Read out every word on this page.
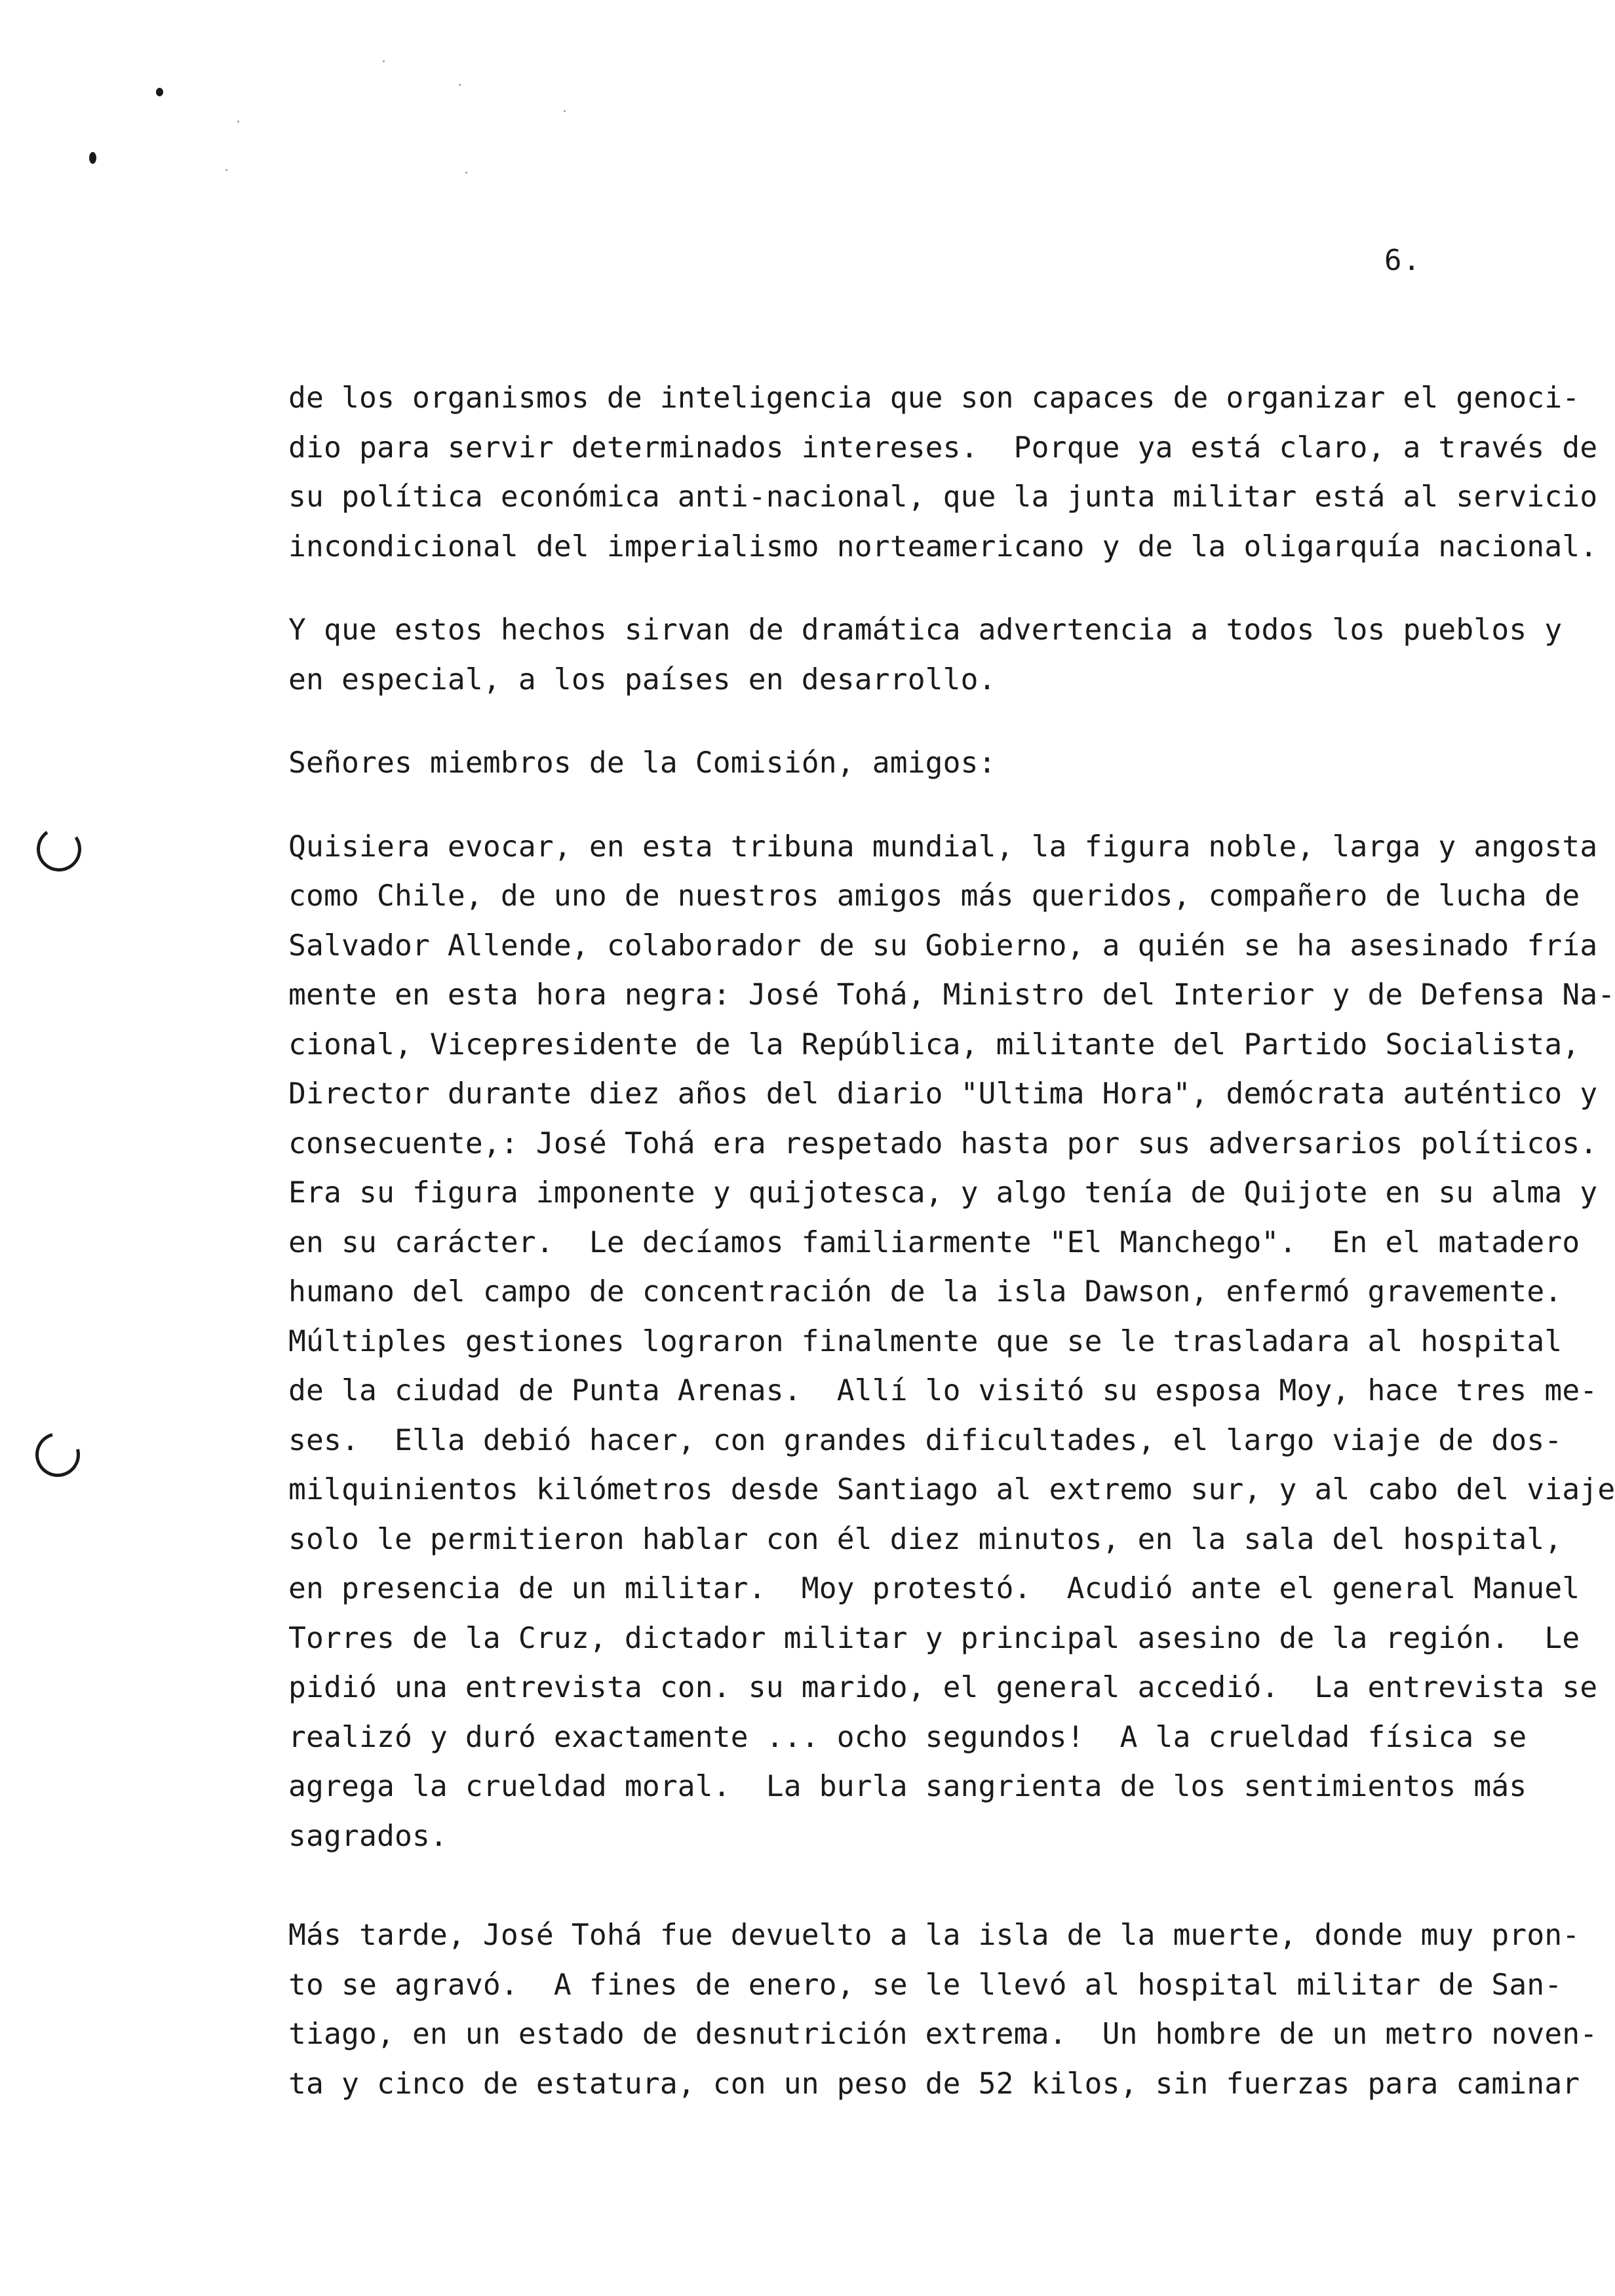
6.
de los organismos de inteligencia que son capaces de organizar el genoci-
dio para servir determinados intereses.  Porque ya está claro, a través de
su política económica anti-nacional, que la junta militar está al servicio
incondicional del imperialismo norteamericano y de la oligarquía nacional.
Y que estos hechos sirvan de dramática advertencia a todos los pueblos y
en especial, a los países en desarrollo.
Señores miembros de la Comisión, amigos:
Quisiera evocar, en esta tribuna mundial, la figura noble, larga y angosta
como Chile, de uno de nuestros amigos más queridos, compañero de lucha de
Salvador Allende, colaborador de su Gobierno, a quién se ha asesinado fría
mente en esta hora negra: José Tohá, Ministro del Interior y de Defensa Na-
cional, Vicepresidente de la República, militante del Partido Socialista,
Director durante diez años del diario "Ultima Hora", demócrata auténtico y
consecuente,: José Tohá era respetado hasta por sus adversarios políticos.
Era su figura imponente y quijotesca, y algo tenía de Quijote en su alma y
en su carácter.  Le decíamos familiarmente "El Manchego".  En el matadero
humano del campo de concentración de la isla Dawson, enfermó gravemente.
Múltiples gestiones lograron finalmente que se le trasladara al hospital
de la ciudad de Punta Arenas.  Allí lo visitó su esposa Moy, hace tres me-
ses.  Ella debió hacer, con grandes dificultades, el largo viaje de dos-
milquinientos kilómetros desde Santiago al extremo sur, y al cabo del viaje
solo le permitieron hablar con él diez minutos, en la sala del hospital,
en presencia de un militar.  Moy protestó.  Acudió ante el general Manuel
Torres de la Cruz, dictador militar y principal asesino de la región.  Le
pidió una entrevista con. su marido, el general accedió.  La entrevista se
realizó y duró exactamente ... ocho segundos!  A la crueldad física se
agrega la crueldad moral.  La burla sangrienta de los sentimientos más
sagrados.
Más tarde, José Tohá fue devuelto a la isla de la muerte, donde muy pron-
to se agravó.  A fines de enero, se le llevó al hospital militar de San-
tiago, en un estado de desnutrición extrema.  Un hombre de un metro noven-
ta y cinco de estatura, con un peso de 52 kilos, sin fuerzas para caminar
